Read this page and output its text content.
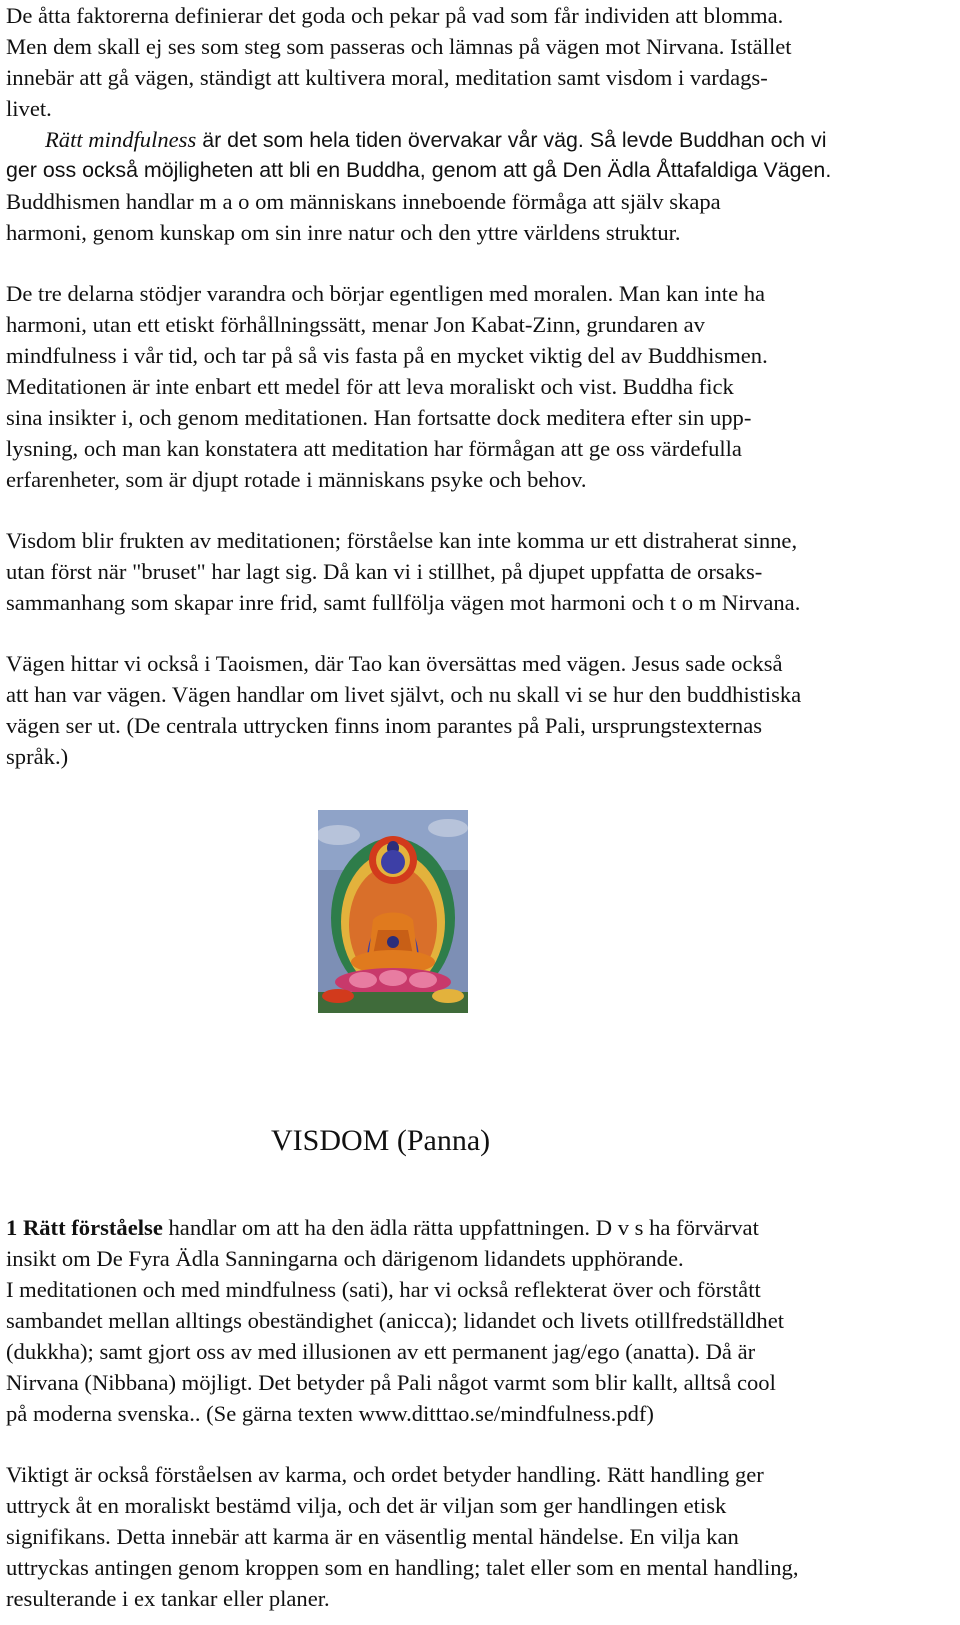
De åtta faktorerna definierar det goda och pekar på vad som får individen att blomma.
Men dem skall ej ses som steg som passeras och lämnas på vägen mot Nirvana. Istället
innebär att gå vägen, ständigt att kultivera moral, meditation samt visdom i vardags-
livet.
Rätt mindfulness är det som hela tiden övervakar vår väg. Så levde Buddhan och vi
ger oss också möjligheten att bli en Buddha, genom att gå Den Ädla Åttafaldiga Vägen.
Buddhismen handlar m a o om människans inneboende förmåga att själv skapa
harmoni, genom kunskap om sin inre natur och den yttre världens struktur.
De tre delarna stödjer varandra och börjar egentligen med moralen. Man kan inte ha
harmoni, utan ett etiskt förhållningssätt, menar Jon Kabat-Zinn, grundaren av
mindfulness i vår tid, och tar på så vis fasta på en mycket viktig del av Buddhismen.
Meditationen är inte enbart ett medel för att leva moraliskt och vist. Buddha fick
sina insikter i, och genom meditationen. Han fortsatte dock meditera efter sin upp-
lysning, och man kan konstatera att meditation har förmågan att ge oss värdefulla
erfarenheter, som är djupt rotade i människans psyke och behov.
Visdom blir frukten av meditationen; förståelse kan inte komma ur ett distraherat sinne,
utan först när "bruset" har lagt sig. Då kan vi i stillhet, på djupet uppfatta de orsaks-
sammanhang som skapar inre frid, samt fullfölja vägen mot harmoni och t o m Nirvana.
Vägen hittar vi också i Taoismen, där Tao kan översättas med vägen. Jesus sade också
att han var vägen. Vägen handlar om livet självt, och nu skall vi se hur den buddhistiska
vägen ser ut. (De centrala uttrycken finns inom parantes på Pali, ursprungstexternas
språk.)
VISDOM (Panna)
1 Rätt förståelse handlar om att ha den ädla rätta uppfattningen. D v s ha förvärvat
insikt om De Fyra Ädla Sanningarna och därigenom lidandets upphörande.
I meditationen och med mindfulness (sati), har vi också reflekterat över och förstått
sambandet mellan alltings obeständighet (anicca); lidandet och livets otillfredställdhet
(dukkha); samt gjort oss av med illusionen av ett permanent jag/ego (anatta). Då är
Nirvana (Nibbana) möjligt. Det betyder på Pali något varmt som blir kallt, alltså cool
på moderna svenska.. (Se gärna texten www.ditttao.se/mindfulness.pdf)
Viktigt är också förståelsen av karma, och ordet betyder handling. Rätt handling ger
uttryck åt en moraliskt bestämd vilja, och det är viljan som ger handlingen etisk
signifikans. Detta innebär att karma är en väsentlig mental händelse. En vilja kan
uttryckas antingen genom kroppen som en handling; talet eller som en mental handling,
resulterande i ex tankar eller planer.
